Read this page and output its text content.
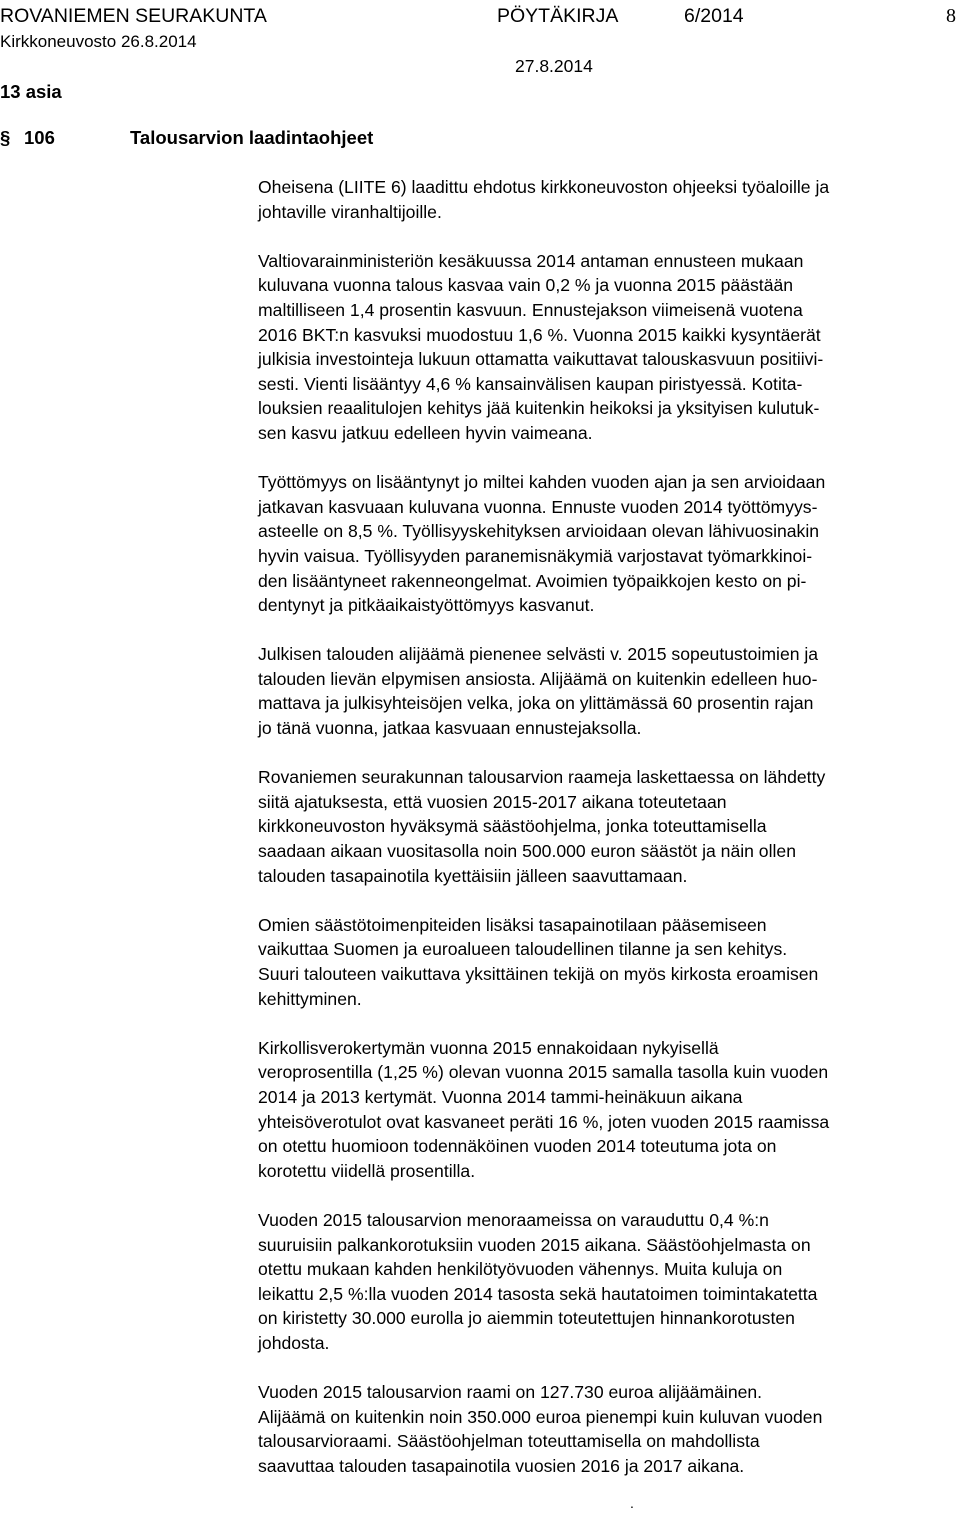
ROVANIEMEN SEURAKUNTA	PÖYTÄKIRJA	6/2014	8
Kirkkoneuvosto 26.8.2014
27.8.2014
13 asia
§ 106	Talousarvion laadintaohjeet

Oheisena (LIITE 6) laadittu ehdotus kirkkoneuvoston ohjeeksi työaloille ja
johtaville viranhaltijoille.

Valtiovarainministeriön kesäkuussa 2014 antaman ennusteen mukaan
kuluvana vuonna talous kasvaa vain 0,2 % ja vuonna 2015 päästään
maltilliseen 1,4 prosentin kasvuun. Ennustejakson viimeisenä vuotena
2016 BKT:n kasvuksi muodostuu 1,6 %. Vuonna 2015 kaikki kysyntäerät
julkisia investointeja lukuun ottamatta vaikuttavat talouskasvuun positiivi-
sesti. Vienti lisääntyy 4,6 % kansainvälisen kaupan piristyessä. Kotita-
louksien reaalitulojen kehitys jää kuitenkin heikoksi ja yksityisen kulutuk-
sen kasvu jatkuu edelleen hyvin vaimeana.

Työttömyys on lisääntynyt jo miltei kahden vuoden ajan ja sen arvioidaan
jatkavan kasvuaan kuluvana vuonna. Ennuste vuoden 2014 työttömyys-
asteelle on 8,5 %. Työllisyyskehityksen arvioidaan olevan lähivuosinakin
hyvin vaisua. Työllisyyden paranemisnäkymiä varjostavat työmarkkinoi-
den lisääntyneet rakenneongelmat. Avoimien työpaikkojen kesto on pi-
dentynyt ja pitkäaikaistyöttömyys kasvanut.

Julkisen talouden alijäämä pienenee selvästi v. 2015 sopeutustoimien ja
talouden lievän elpymisen ansiosta. Alijäämä on kuitenkin edelleen huo-
mattava ja julkisyhteisöjen velka, joka on ylittämässä 60 prosentin rajan
jo tänä vuonna, jatkaa kasvuaan ennustejaksolla.

Rovaniemen seurakunnan talousarvion raameja laskettaessa on lähdetty
siitä ajatuksesta, että vuosien 2015-2017 aikana toteutetaan
kirkkoneuvoston hyväksymä säästöohjelma, jonka toteuttamisella
saadaan aikaan vuositasolla noin 500.000 euron säästöt ja näin ollen
talouden tasapainotila kyettäisiin jälleen saavuttamaan.

Omien säästötoimenpiteiden lisäksi tasapainotilaan pääsemiseen
vaikuttaa Suomen ja euroalueen taloudellinen tilanne ja sen kehitys.
Suuri talouteen vaikuttava yksittäinen tekijä on myös kirkosta eroamisen
kehittyminen.

Kirkollisverokertymän vuonna 2015 ennakoidaan nykyisellä
veroprosentilla (1,25 %) olevan vuonna 2015 samalla tasolla kuin vuoden
2014 ja 2013 kertymät. Vuonna 2014 tammi-heinäkuun aikana
yhteisöverotulot ovat kasvaneet peräti 16 %, joten vuoden 2015 raamissa
on otettu huomioon todennäköinen vuoden 2014 toteutuma jota on
korotettu viidellä prosentilla.

Vuoden 2015 talousarvion menoraameissa on varauduttu 0,4 %:n
suuruisiin palkankorotuksiin vuoden 2015 aikana. Säästöohjelmasta on
otettu mukaan kahden henkilötyövuoden vähennys. Muita kuluja on
leikattu 2,5 %:lla vuoden 2014 tasosta sekä hautatoimen toimintakatetta
on kiristetty 30.000 eurolla jo aiemmin toteutettujen hinnankorotusten
johdosta.

Vuoden 2015 talousarvion raami on 127.730 euroa alijäämäinen.
Alijäämä on kuitenkin noin 350.000 euroa pienempi kuin kuluvan vuoden
talousarvioraami. Säästöohjelman toteuttamisella on mahdollista
saavuttaa talouden tasapainotila vuosien 2016 ja 2017 aikana.

.
